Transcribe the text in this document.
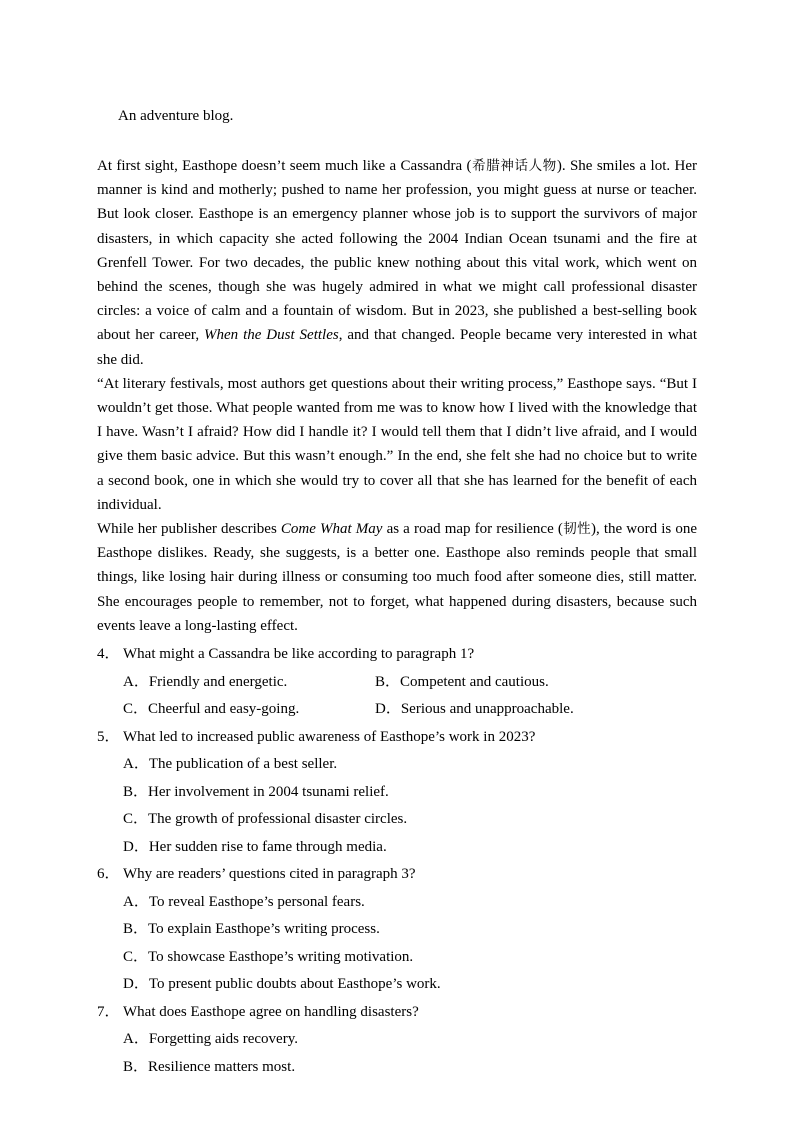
An adventure blog.

At first sight, Easthope doesn’t seem much like a Cassandra (希腊神话人物). She smiles a lot. Her manner is kind and motherly; pushed to name her profession, you might guess at nurse or teacher. But look closer. Easthope is an emergency planner whose job is to support the survivors of major disasters, in which capacity she acted following the 2004 Indian Ocean tsunami and the fire at Grenfell Tower. For two decades, the public knew nothing about this vital work, which went on behind the scenes, though she was hugely admired in what we might call professional disaster circles: a voice of calm and a fountain of wisdom. But in 2023, she published a best-selling book about her career, When the Dust Settles, and that changed. People became very interested in what she did.

“At literary festivals, most authors get questions about their writing process,” Easthope says. “But I wouldn’t get those. What people wanted from me was to know how I lived with the knowledge that I have. Wasn’t I afraid? How did I handle it? I would tell them that I didn’t live afraid, and I would give them basic advice. But this wasn’t enough.” In the end, she felt she had no choice but to write a second book, one in which she would try to cover all that she has learned for the benefit of each individual.

While her publisher describes Come What May as a road map for resilience (韧性), the word is one Easthope dislikes. Ready, she suggests, is a better one. Easthope also reminds people that small things, like losing hair during illness or consuming too much food after someone dies, still matter. She encourages people to remember, not to forget, what happened during disasters, because such events leave a long-lasting effect.

4． What might a Cassandra be like according to paragraph 1?

A．Friendly and energetic.	B．Competent and cautious.
C．Cheerful and easy-going.	D．Serious and unapproachable.

5． What led to increased public awareness of Easthope’s work in 2023?

A．The publication of a best seller.
B．Her involvement in 2004 tsunami relief.
C．The growth of professional disaster circles.
D．Her sudden rise to fame through media.

6． Why are readers’ questions cited in paragraph 3?

A．To reveal Easthope’s personal fears.
B．To explain Easthope’s writing process.
C．To showcase Easthope’s writing motivation.
D．To present public doubts about Easthope’s work.

7． What does Easthope agree on handling disasters?

A．Forgetting aids recovery.
B．Resilience matters most.
